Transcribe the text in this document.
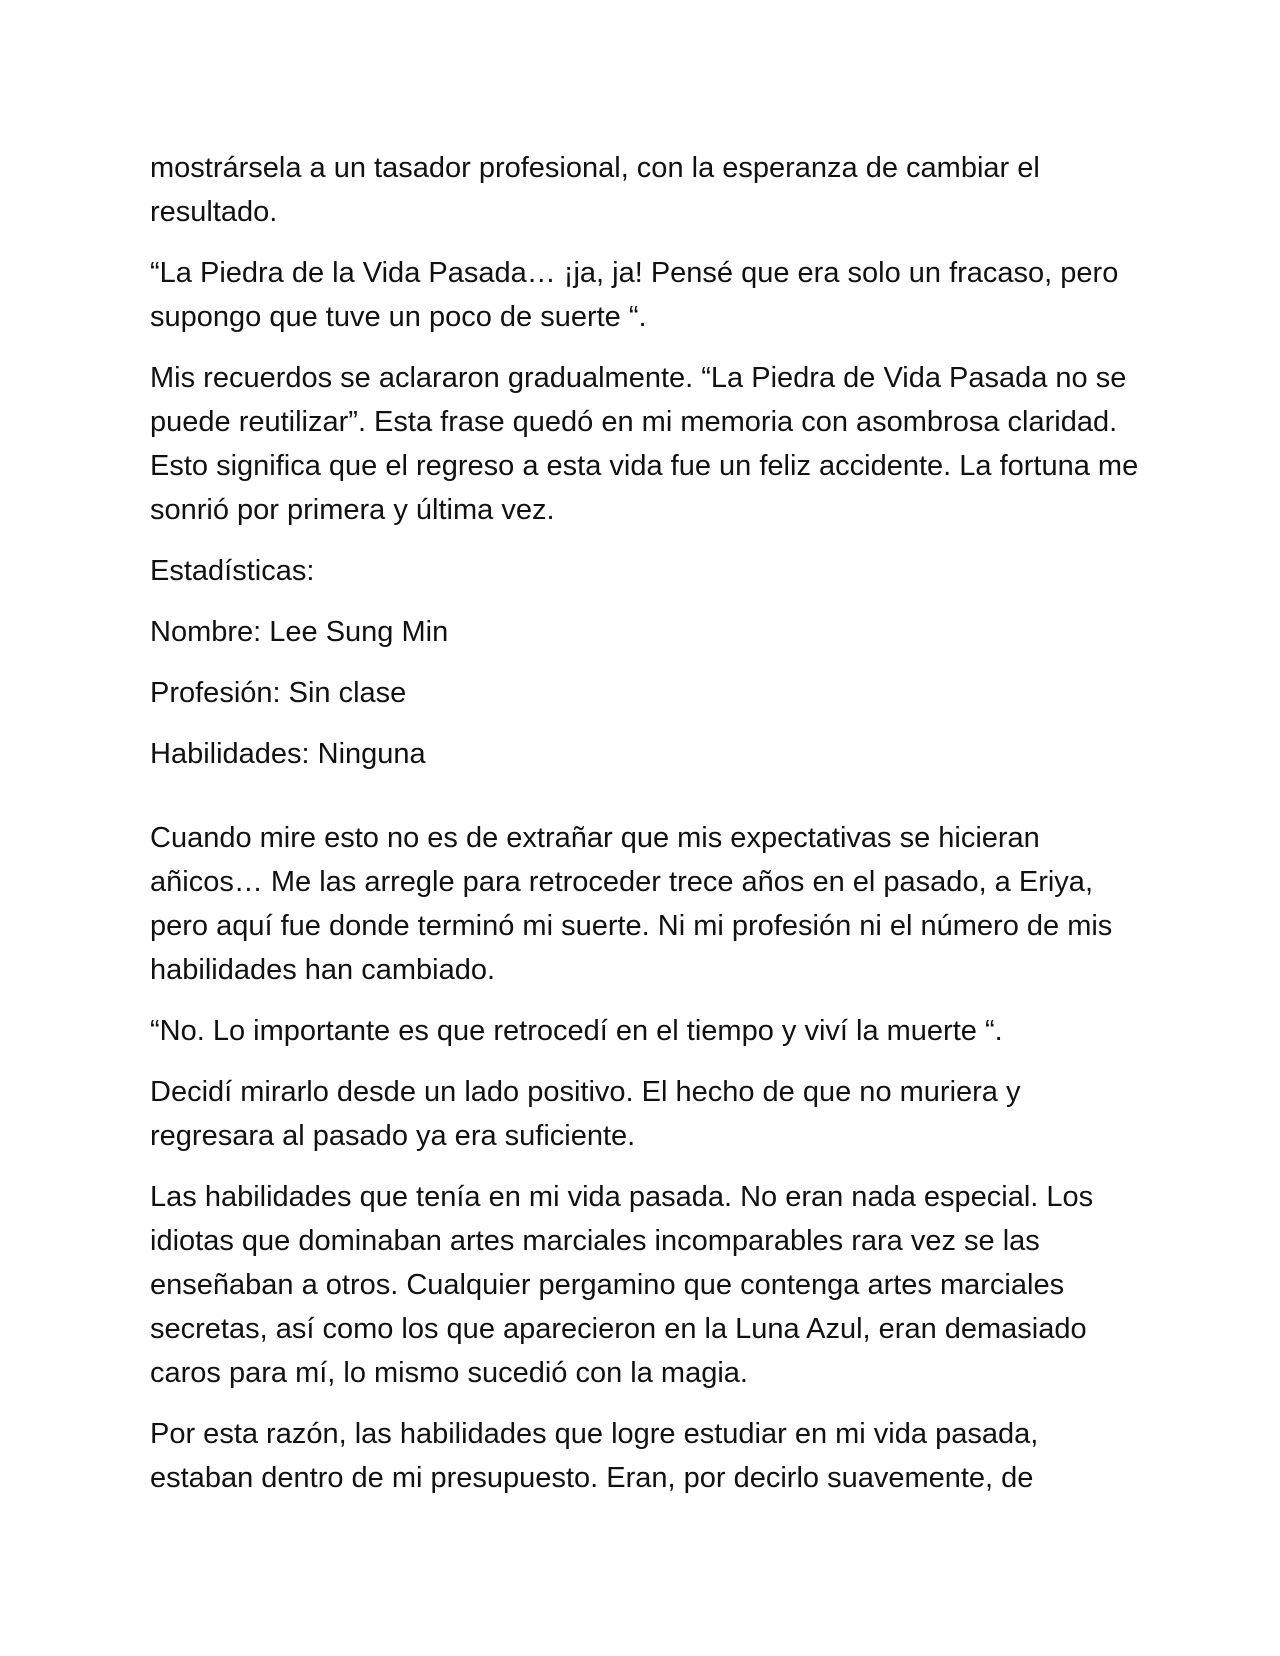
mostrársela a un tasador profesional, con la esperanza de cambiar el resultado.

“La Piedra de la Vida Pasada… ¡ja, ja! Pensé que era solo un fracaso, pero supongo que tuve un poco de suerte “.

Mis recuerdos se aclararon gradualmente. “La Piedra de Vida Pasada no se puede reutilizar”. Esta frase quedó en mi memoria con asombrosa claridad. Esto significa que el regreso a esta vida fue un feliz accidente. La fortuna me sonrió por primera y última vez.

Estadísticas:

Nombre: Lee Sung Min

Profesión: Sin clase

Habilidades: Ninguna

Cuando mire esto no es de extrañar que mis expectativas se hicieran añicos… Me las arregle para retroceder trece años en el pasado, a Eriya, pero aquí fue donde terminó mi suerte. Ni mi profesión ni el número de mis habilidades han cambiado.

“No. Lo importante es que retrocedí en el tiempo y viví la muerte “.

Decidí mirarlo desde un lado positivo. El hecho de que no muriera y regresara al pasado ya era suficiente.

Las habilidades que tenía en mi vida pasada. No eran nada especial. Los idiotas que dominaban artes marciales incomparables rara vez se las enseñaban a otros. Cualquier pergamino que contenga artes marciales secretas, así como los que aparecieron en la Luna Azul, eran demasiado caros para mí, lo mismo sucedió con la magia.

Por esta razón, las habilidades que logre estudiar en mi vida pasada, estaban dentro de mi presupuesto. Eran, por decirlo suavemente, de
